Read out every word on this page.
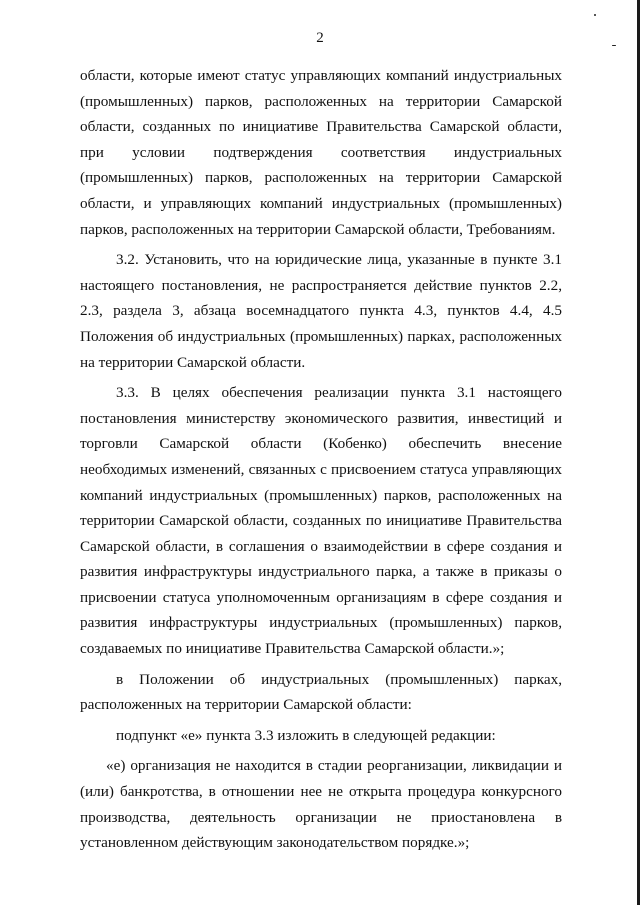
2

области, которые имеют статус управляющих компаний индустриальных (промышленных) парков, расположенных на территории Самарской области, созданных по инициативе Правительства Самарской области, при условии подтверждения соответствия индустриальных (промышленных) парков, расположенных на территории Самарской области, и управляющих компаний индустриальных (промышленных) парков, расположенных на территории Самарской области, Требованиям.

3.2. Установить, что на юридические лица, указанные в пункте 3.1 настоящего постановления, не распространяется действие пунктов 2.2, 2.3, раздела 3, абзаца восемнадцатого пункта 4.3, пунктов 4.4, 4.5 Положения об индустриальных (промышленных) парках, расположенных на территории Самарской области.

3.3. В целях обеспечения реализации пункта 3.1 настоящего постановления министерству экономического развития, инвестиций и торговли Самарской области (Кобенко) обеспечить внесение необходимых изменений, связанных с присвоением статуса управляющих компаний индустриальных (промышленных) парков, расположенных на территории Самарской области, созданных по инициативе Правительства Самарской области, в соглашения о взаимодействии в сфере создания и развития инфраструктуры индустриального парка, а также в приказы о присвоении статуса уполномоченным организациям в сфере создания и развития инфраструктуры индустриальных (промышленных) парков, создаваемых по инициативе Правительства Самарской области.»;

в Положении об индустриальных (промышленных) парках, расположенных на территории Самарской области:

подпункт «е» пункта 3.3 изложить в следующей редакции:

«е) организация не находится в стадии реорганизации, ликвидации и (или) банкротства, в отношении нее не открыта процедура конкурсного производства, деятельность организации не приостановлена в установленном действующим законодательством порядке.»;
